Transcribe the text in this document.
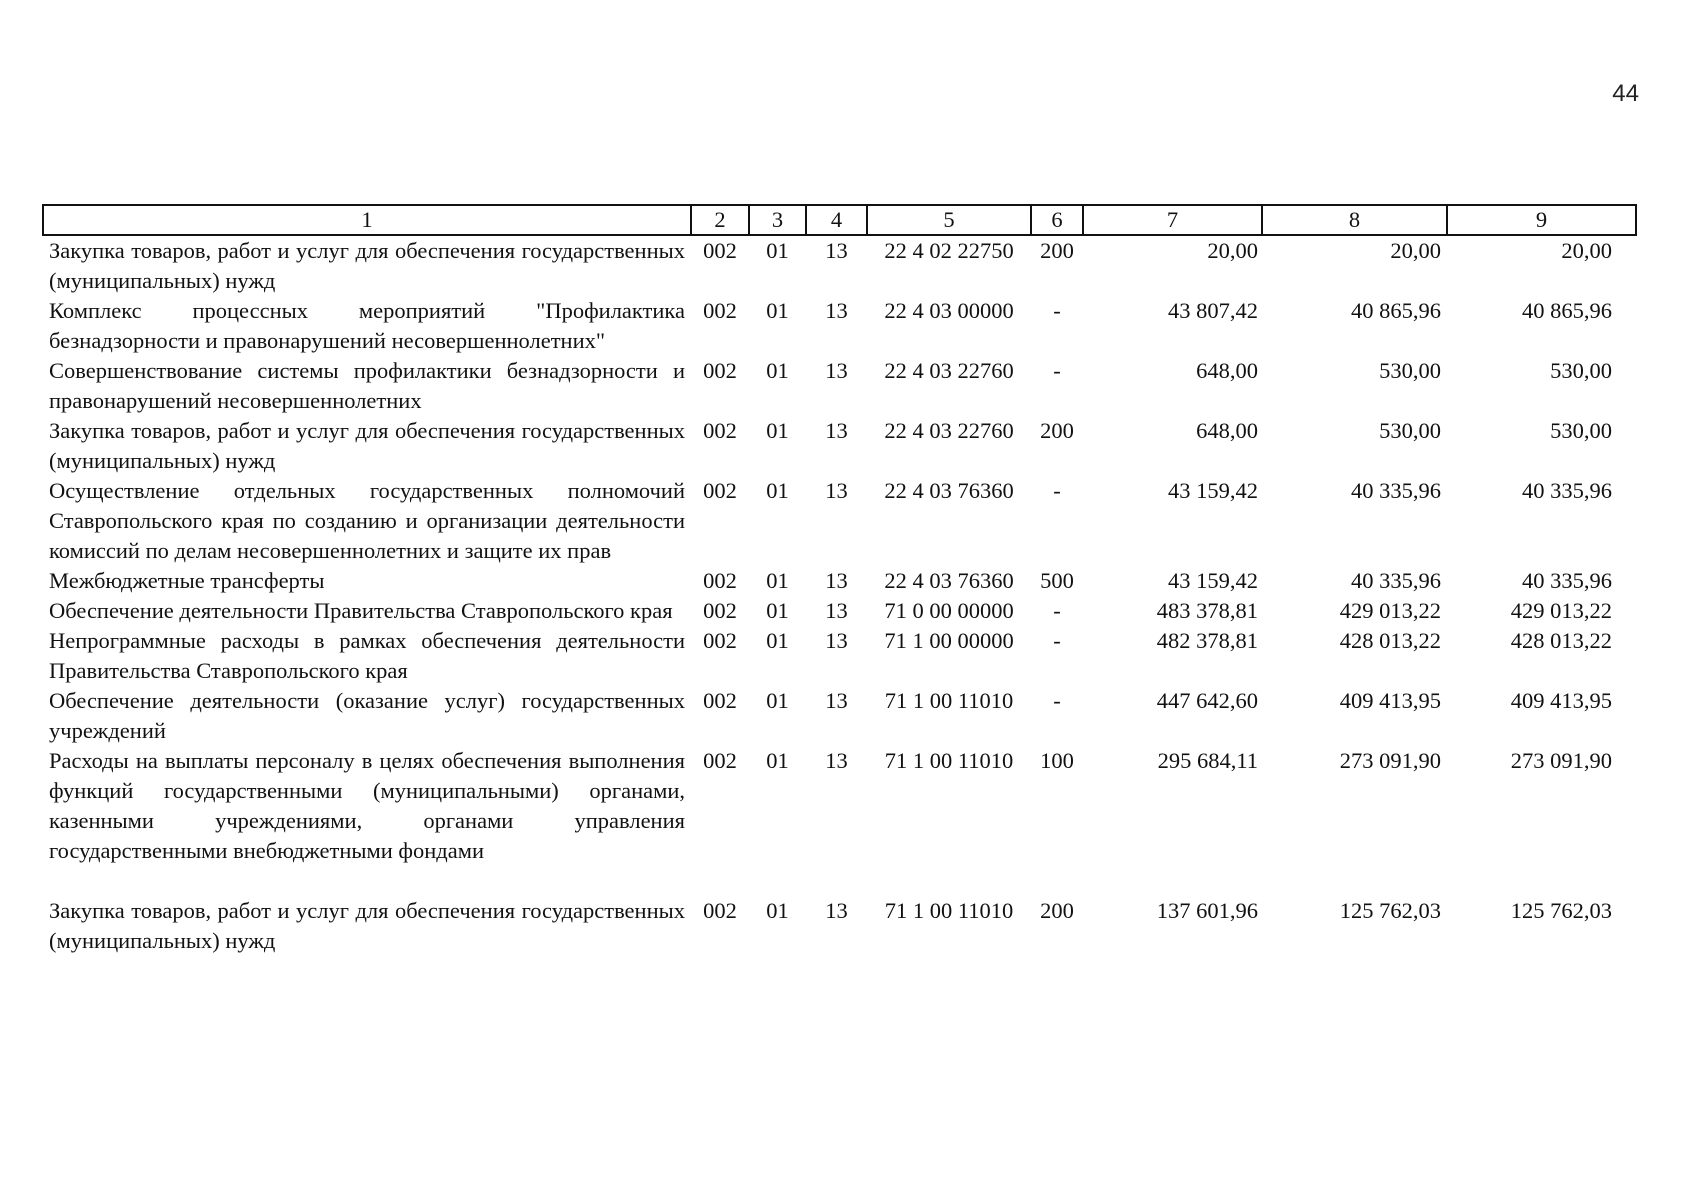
44
1	2	3	4	5	6	7	8	9
Закупка товаров, работ и услуг для обеспечения государственных (муниципальных) нужд	002	01	13	22 4 02 22750	200	20,00	20,00	20,00
Комплекс процессных мероприятий "Профилактика безнадзорности и правонарушений несовершеннолетних"	002	01	13	22 4 03 00000	-	43 807,42	40 865,96	40 865,96
Совершенствование системы профилактики безнадзорности и правонарушений несовершеннолетних	002	01	13	22 4 03 22760	-	648,00	530,00	530,00
Закупка товаров, работ и услуг для обеспечения государственных (муниципальных) нужд	002	01	13	22 4 03 22760	200	648,00	530,00	530,00
Осуществление отдельных государственных полномочий Ставропольского края по созданию и организации деятельности комиссий по делам несовершеннолетних и защите их прав	002	01	13	22 4 03 76360	-	43 159,42	40 335,96	40 335,96
Межбюджетные трансферты	002	01	13	22 4 03 76360	500	43 159,42	40 335,96	40 335,96
Обеспечение деятельности Правительства Ставропольского края	002	01	13	71 0 00 00000	-	483 378,81	429 013,22	429 013,22
Непрограммные расходы в рамках обеспечения деятельности Правительства Ставропольского края	002	01	13	71 1 00 00000	-	482 378,81	428 013,22	428 013,22
Обеспечение деятельности (оказание услуг) государственных учреждений	002	01	13	71 1 00 11010	-	447 642,60	409 413,95	409 413,95
Расходы на выплаты персоналу в целях обеспечения выполнения функций государственными (муниципальными) органами, казенными учреждениями, органами управления государственными внебюджетными фондами	002	01	13	71 1 00 11010	100	295 684,11	273 091,90	273 091,90
Закупка товаров, работ и услуг для обеспечения государственных (муниципальных) нужд	002	01	13	71 1 00 11010	200	137 601,96	125 762,03	125 762,03
